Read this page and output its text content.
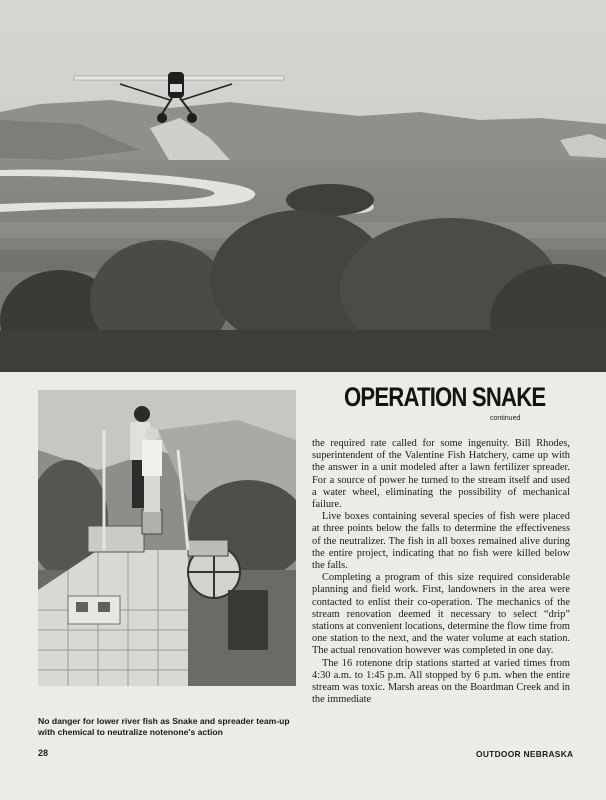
No danger for lower river fish as Snake and spreader team-up with chemical to neutralize notenone's action

OPERATION SNAKE
continued

the required rate called for some ingenuity. Bill Rhodes, superintendent of the Valentine Fish Hatchery, came up with the answer in a unit modeled after a lawn fertilizer spreader. For a source of power he turned to the stream itself and used a water wheel, eliminating the possibility of mechanical failure.

Live boxes containing several species of fish were placed at three points below the falls to determine the effectiveness of the neutralizer. The fish in all boxes remained alive during the entire project, indicating that no fish were killed below the falls.

Completing a program of this size required considerable planning and field work. First, landowners in the area were contacted to enlist their co-operation. The mechanics of the stream renovation deemed it necessary to select “drip” stations at convenient locations, determine the flow time from one station to the next, and the water volume at each station. The actual renovation however was completed in one day.

The 16 rotenone drip stations started at varied times from 4:30 a.m. to 1:45 p.m. All stopped by 6 p.m. when the entire stream was toxic. Marsh areas on the Boardman Creek and in the immediate

28	OUTDOOR NEBRASKA
